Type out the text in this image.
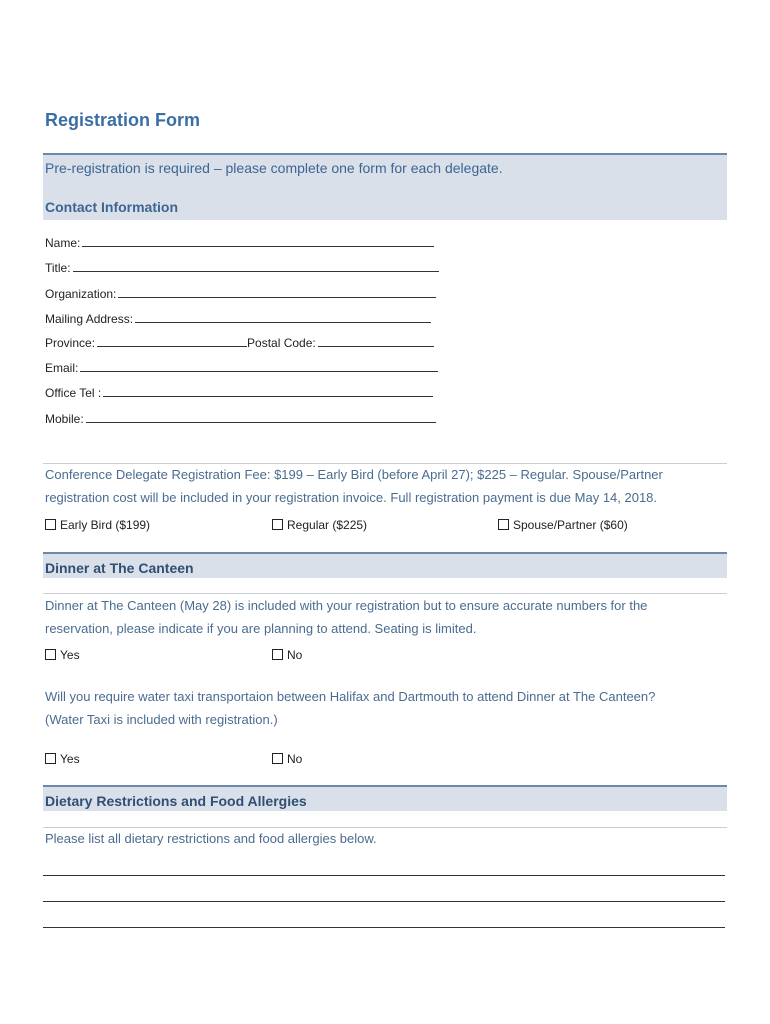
Registration Form
Pre-registration is required – please complete one form for each delegate.
Contact Information
Name:
Title:
Organization:
Mailing Address:
Province:	Postal Code:
Email:
Office Tel :
Mobile:
Conference Delegate Registration Fee: $199 – Early Bird (before April 27); $225 – Regular. Spouse/Partner
registration cost will be included in your registration invoice. Full registration payment is due May 14, 2018.
Early Bird ($199)	Regular ($225)	Spouse/Partner ($60)
Dinner at The Canteen
Dinner at The Canteen (May 28) is included with your registration but to ensure accurate numbers for the
reservation, please indicate if you are planning to attend. Seating is limited.
Yes	No
Will you require water taxi transportaion between Halifax and Dartmouth to attend Dinner at The Canteen?
(Water Taxi is included with registration.)
Yes	No
Dietary Restrictions and Food Allergies
Please list all dietary restrictions and food allergies below.
